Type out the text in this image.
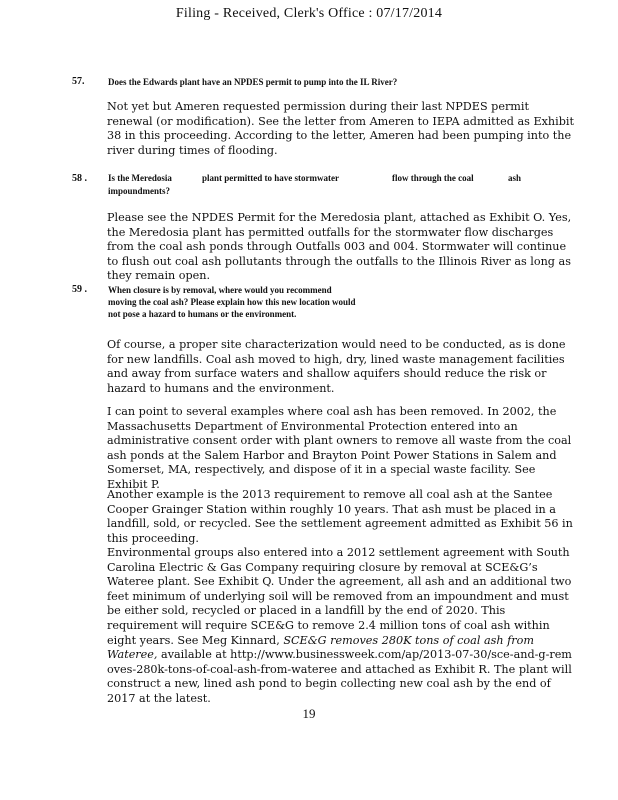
Filing - Received, Clerk's Office : 07/17/2014
57.	Does the Edwards plant have an NPDES permit to pump into the IL River?

Not yet but Ameren requested permission during their last NPDES permit renewal (or modification). See the letter from Ameren to IEPA admitted as Exhibit 38 in this proceeding. According to the letter, Ameren had been pumping into the river during times of flooding.

58 . Is the Meredosia	plant permitted to have stormwater	flow through the coal	ash
impoundments?

Please see the NPDES Permit for the Meredosia plant, attached as Exhibit O. Yes, the Meredosia plant has permitted outfalls for the stormwater flow discharges from the coal ash ponds through Outfalls 003 and 004. Stormwater will continue to flush out coal ash pollutants through the outfalls to the Illinois River as long as they remain open.

59 . When closure is by removal, where would you recommend moving the coal ash? Please explain how this new location would not pose a hazard to humans or the environment.

Of course, a proper site characterization would need to be conducted, as is done for new landfills. Coal ash moved to high, dry, lined waste management facilities and away from surface waters and shallow aquifers should reduce the risk or hazard to humans and the environment.

I can point to several examples where coal ash has been removed. In 2002, the Massachusetts Department of Environmental Protection entered into an administrative consent order with plant owners to remove all waste from the coal ash ponds at the Salem Harbor and Brayton Point Power Stations in Salem and Somerset, MA, respectively, and dispose of it in a special waste facility. See Exhibit P.

Another example is the 2013 requirement to remove all coal ash at the Santee Cooper Grainger Station within roughly 10 years. That ash must be placed in a landfill, sold, or recycled. See the settlement agreement admitted as Exhibit 56 in this proceeding.

Environmental groups also entered into a 2012 settlement agreement with South Carolina Electric & Gas Company requiring closure by removal at SCE&G’s Wateree plant. See Exhibit Q. Under the agreement, all ash and an additional two feet minimum of underlying soil will be removed from an impoundment and must be either sold, recycled or placed in a landfill by the end of 2020. This requirement will require SCE&G to remove 2.4 million tons of coal ash within eight years. See Meg Kinnard, SCE&G removes 280K tons of coal ash from Wateree, available at http://www.businessweek.com/ap/2013-07-30/sce-and-g-removes-280k-tons-of-coal-ash-from-wateree and attached as Exhibit R. The plant will construct a new, lined ash pond to begin collecting new coal ash by the end of 2017 at the latest.

19
